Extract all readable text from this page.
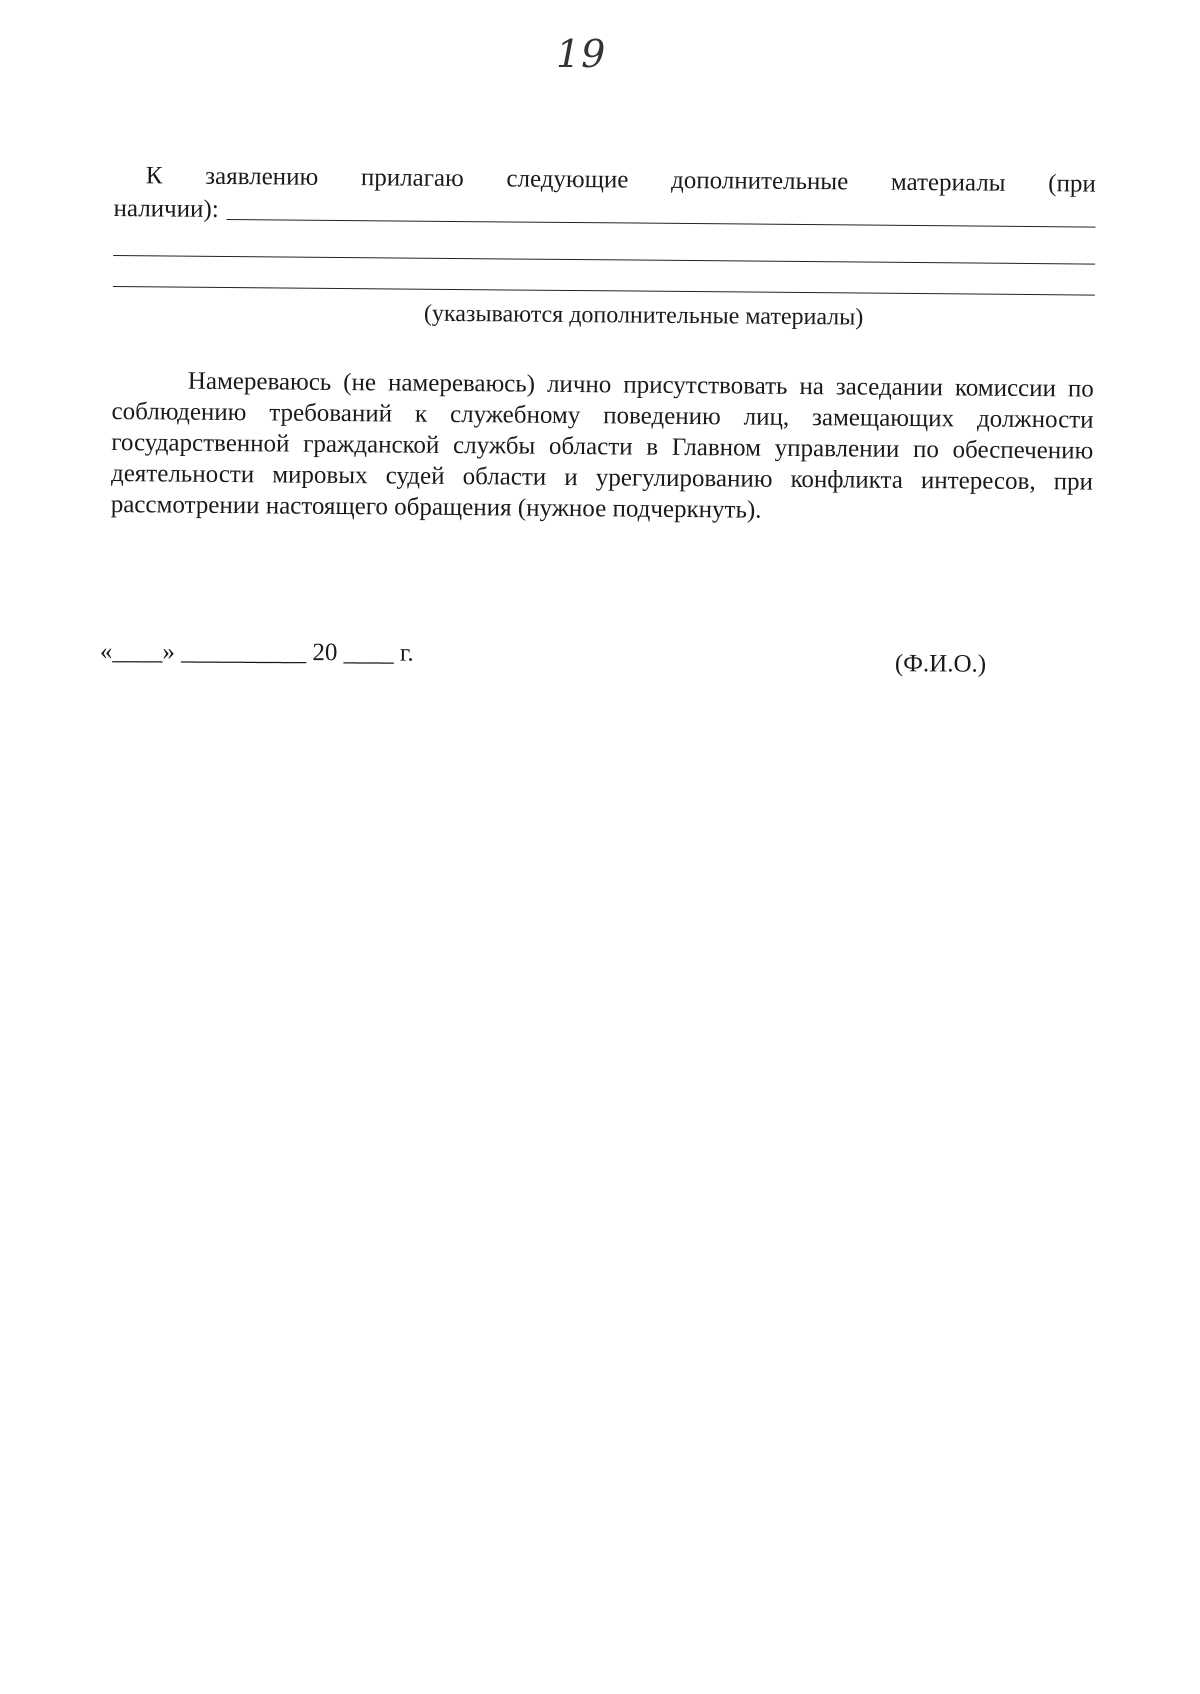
19
К заявлению прилагаю следующие дополнительные материалы (при
наличии):
(указываются дополнительные материалы)
Намереваюсь (не намереваюсь) лично присутствовать на заседании комиссии по соблюдению требований к служебному поведению лиц, замещающих должности государственной гражданской службы области в Главном управлении по обеспечению деятельности мировых судей области и урегулированию конфликта интересов, при рассмотрении настоящего обращения (нужное подчеркнуть).
«____» __________ 20 ____ г.	(Ф.И.О.)
